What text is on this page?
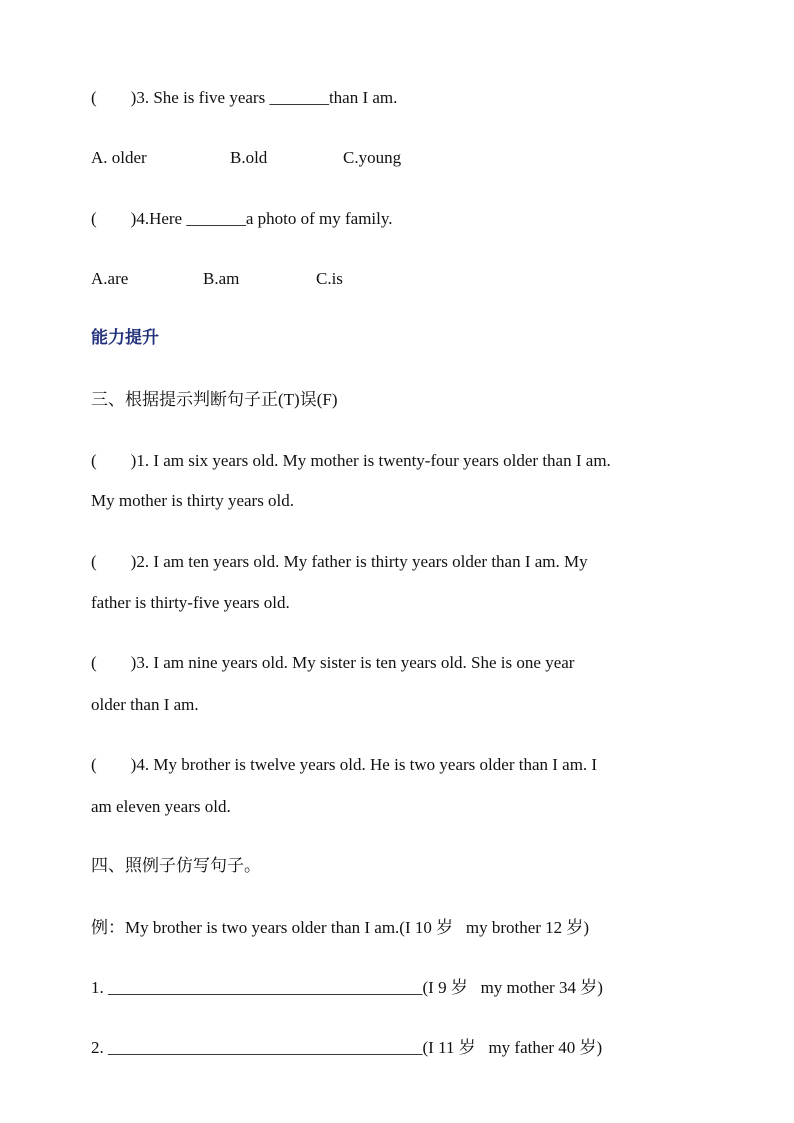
(        )3. She is five years _______than I am.
A. older	B.old	C.young
(        )4.Here _______a photo of my family.
A.are	B.am	C.is
能力提升
三、根据提示判断句子正(T)误(F)
(        )1. I am six years old. My mother is twenty-four years older than I am.
My mother is thirty years old.
(        )2. I am ten years old. My father is thirty years older than I am. My
father is thirty-five years old.
(        )3. I am nine years old. My sister is ten years old. She is one year
older than I am.
(        )4. My brother is twelve years old. He is two years older than I am. I
am eleven years old.
四、照例子仿写句子。
例：My brother is two years older than I am.(I 10 岁   my brother 12 岁)
1. _____________________________________(I 9 岁   my mother 34 岁)
2. _____________________________________(I 11 岁   my father 40 岁)
